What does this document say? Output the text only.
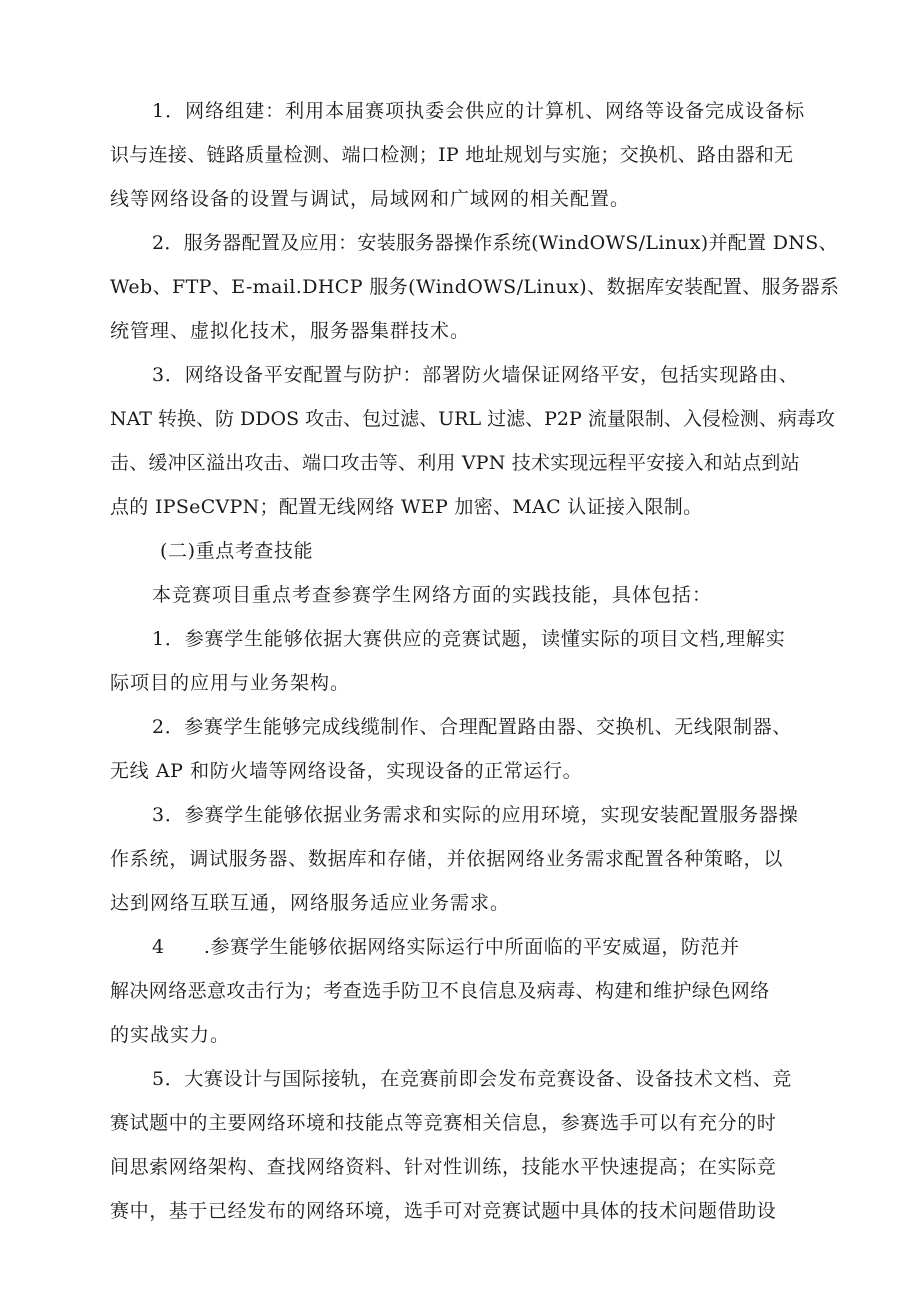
1．网络组建：利用本届赛项执委会供应的计算机、网络等设备完成设备标
识与连接、链路质量检测、端口检测；IP 地址规划与实施；交换机、路由器和无
线等网络设备的设置与调试，局域网和广域网的相关配置。
2．服务器配置及应用：安装服务器操作系统(WindOWS/Linux)并配置 DNS、
Web、FTP、E-mail.DHCP 服务(WindOWS/Linux)、数据库安装配置、服务器系
统管理、虚拟化技术，服务器集群技术。
3．网络设备平安配置与防护：部署防火墙保证网络平安，包括实现路由、
NAT 转换、防 DDOS 攻击、包过滤、URL 过滤、P2P 流量限制、入侵检测、病毒攻
击、缓冲区溢出攻击、端口攻击等、利用 VPN 技术实现远程平安接入和站点到站
点的 IPSeCVPN；配置无线网络 WEP 加密、MAC 认证接入限制。
(二)重点考查技能
本竞赛项目重点考查参赛学生网络方面的实践技能，具体包括：
1．参赛学生能够依据大赛供应的竞赛试题，读懂实际的项目文档,理解实
际项目的应用与业务架构。
2．参赛学生能够完成线缆制作、合理配置路由器、交换机、无线限制器、
无线 AP 和防火墙等网络设备，实现设备的正常运行。
3．参赛学生能够依据业务需求和实际的应用环境，实现安装配置服务器操
作系统，调试服务器、数据库和存储，并依据网络业务需求配置各种策略，以
达到网络互联互通，网络服务适应业务需求。
4　　.参赛学生能够依据网络实际运行中所面临的平安威逼，防范并
解决网络恶意攻击行为；考查选手防卫不良信息及病毒、构建和维护绿色网络
的实战实力。
5．大赛设计与国际接轨，在竞赛前即会发布竞赛设备、设备技术文档、竞
赛试题中的主要网络环境和技能点等竞赛相关信息，参赛选手可以有充分的时
间思索网络架构、查找网络资料、针对性训练，技能水平快速提高；在实际竞
赛中，基于已经发布的网络环境，选手可对竞赛试题中具体的技术问题借助设
